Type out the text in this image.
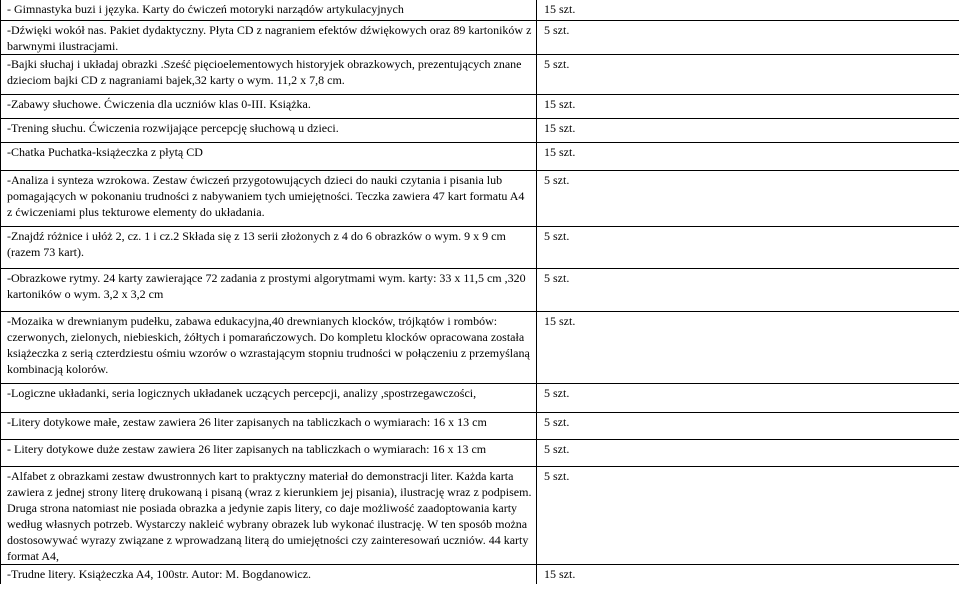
- Gimnastyka buzi i języka. Karty do ćwiczeń motoryki narządów artykulacyjnych	15 szt.
-Dźwięki wokół nas. Pakiet dydaktyczny. Płyta CD z nagraniem efektów dźwiękowych oraz 89 kartoników z barwnymi ilustracjami.	5 szt.
-Bajki słuchaj i układaj obrazki .Sześć pięcioelementowych historyjek obrazkowych, prezentujących znane dzieciom bajki CD z nagraniami bajek,32 karty o wym. 11,2 x 7,8 cm.	5 szt.
-Zabawy słuchowe. Ćwiczenia dla uczniów klas 0-III. Książka.	15 szt.
-Trening słuchu. Ćwiczenia rozwijające percepcję słuchową u dzieci.	15 szt.
-Chatka Puchatka-książeczka z płytą CD	15 szt.
-Analiza i synteza wzrokowa. Zestaw ćwiczeń przygotowujących dzieci do nauki czytania i pisania lub pomagających w pokonaniu trudności z nabywaniem tych umiejętności. Teczka zawiera 47 kart formatu A4 z ćwiczeniami plus tekturowe elementy do układania.	5 szt.
-Znajdź różnice i ułóż 2, cz. 1 i cz.2 Składa się z 13 serii złożonych z 4 do 6 obrazków o wym. 9 x 9 cm (razem 73 kart).	5 szt.
-Obrazkowe rytmy. 24 karty zawierające 72 zadania z prostymi algorytmami wym. karty: 33 x 11,5 cm ,320 kartoników o wym. 3,2 x 3,2 cm	5 szt.
-Mozaika w drewnianym pudełku, zabawa edukacyjna,40 drewnianych klocków, trójkątów i rombów: czerwonych, zielonych, niebieskich, żółtych i pomarańczowych. Do kompletu klocków opracowana została książeczka z serią czterdziestu ośmiu wzorów o wzrastającym stopniu trudności w połączeniu z przemyślaną kombinacją kolorów.	15 szt.
-Logiczne układanki, seria logicznych układanek uczących percepcji, analizy ,spostrzegawczości,	5 szt.
-Litery dotykowe małe, zestaw zawiera 26 liter zapisanych na tabliczkach o wymiarach: 16 x 13 cm	5 szt.
- Litery dotykowe duże zestaw zawiera 26 liter zapisanych na tabliczkach o wymiarach: 16 x 13 cm	5 szt.
-Alfabet z obrazkami zestaw dwustronnych kart to praktyczny materiał do demonstracji liter. Każda karta zawiera z jednej strony literę drukowaną i pisaną (wraz z kierunkiem jej pisania), ilustrację wraz z podpisem. Druga strona natomiast nie posiada obrazka a jedynie zapis litery, co daje możliwość zaadoptowania karty według własnych potrzeb. Wystarczy nakleić wybrany obrazek lub wykonać ilustrację. W ten sposób można dostosowywać wyrazy związane z wprowadzaną literą do umiejętności czy zainteresowań uczniów. 44 karty format A4,	5 szt.
-Trudne litery. Książeczka A4, 100str. Autor: M. Bogdanowicz.	15 szt.
